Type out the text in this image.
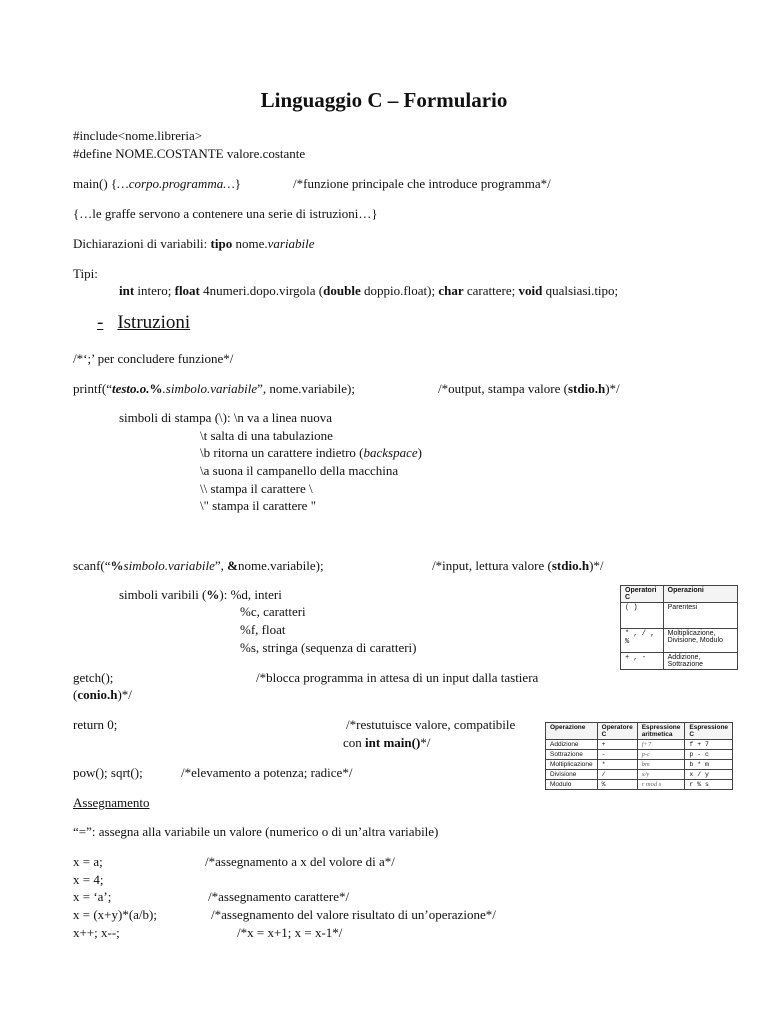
Linguaggio C – Formulario
#include<nome.libreria>
#define NOME.COSTANTE valore.costante
main() {…corpo.programma…}	/*funzione principale che introduce programma*/
{…le graffe servono a contenere una serie di istruzioni…}
Dichiarazioni di variabili: tipo nome.variabile
Tipi:
int intero; float 4numeri.dopo.virgola (double doppio.float); char carattere; void qualsiasi.tipo;
- Istruzioni
/*‘;’ per concludere funzione*/
printf(“testo.o.%.simbolo.variabile”, nome.variabile);	/*output, stampa valore (stdio.h)*/
simboli di stampa (\): \n va a linea nuova
\t salta di una tabulazione
\b ritorna un carattere indietro (backspace)
\a suona il campanello della macchina
\\ stampa il carattere \
\" stampa il carattere "
scanf(“%simbolo.variabile”, &nome.variabile);	/*input, lettura valore (stdio.h)*/
simboli varibili (%): %d, interi
%c, caratteri
%f, float
%s, stringa (sequenza di caratteri)
getch();	/*blocca programma in attesa di un input dalla tastiera
(conio.h)*/
return 0;	/*restutuisce valore, compatibile
con int main()*/
pow(); sqrt();	/*elevamento a potenza; radice*/
Assegnamento
“=”: assegna alla variabile un valore (numerico o di un’altra variabile)
x = a;	/*assegnamento a x del volore di a*/
x = 4;
x = ‘a’;	/*assegnamento carattere*/
x = (x+y)*(a/b);	/*assegnamento del valore risultato di un’operazione*/
x++; x--;	/*x = x+1; x = x-1*/
Operatori C	Operazioni
( )	Parentesi
* , / , %	Moltiplicazione, Divisione, Modulo
+ , -	Addizione, Sottrazione
Operazione	Operatore C	Espressione aritmetica	Espressione C
Addizione	+	f+7	f + 7
Sottrazione	-	p-c	p - c
Moltiplicazione	*	bm	b * m
Divisione	/	x/y	x / y
Modulo	%	r mod s	r % s
